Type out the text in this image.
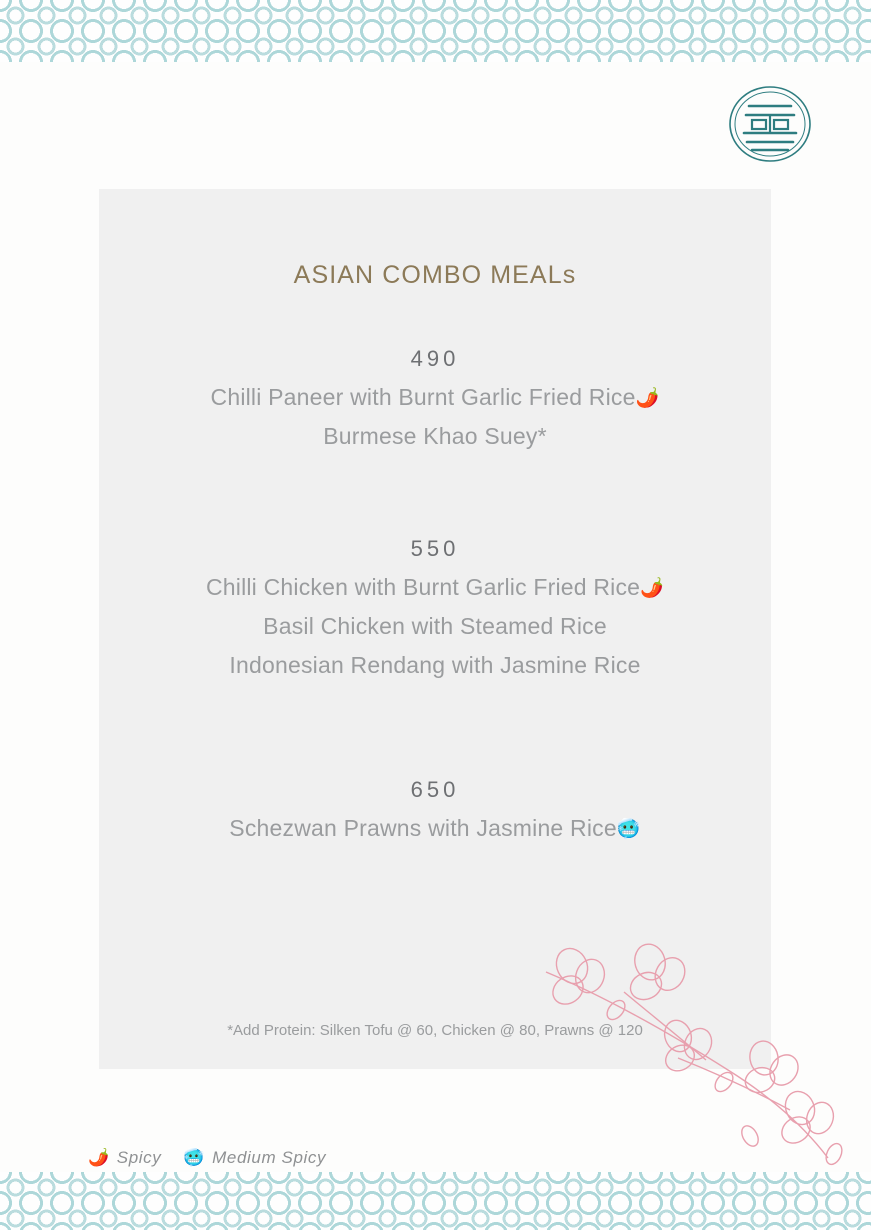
ASIAN COMBO MEALs
490
Chilli Paneer with Burnt Garlic Fried Rice🌶️
Burmese Khao Suey*
550
Chilli Chicken with Burnt Garlic Fried Rice🌶️
Basil Chicken with Steamed Rice
Indonesian Rendang with Jasmine Rice
650
Schezwan Prawns with Jasmine Rice🥶
*Add Protein: Silken Tofu @ 60, Chicken @ 80, Prawns @ 120
🌶️ Spicy 🥶 Medium Spicy
